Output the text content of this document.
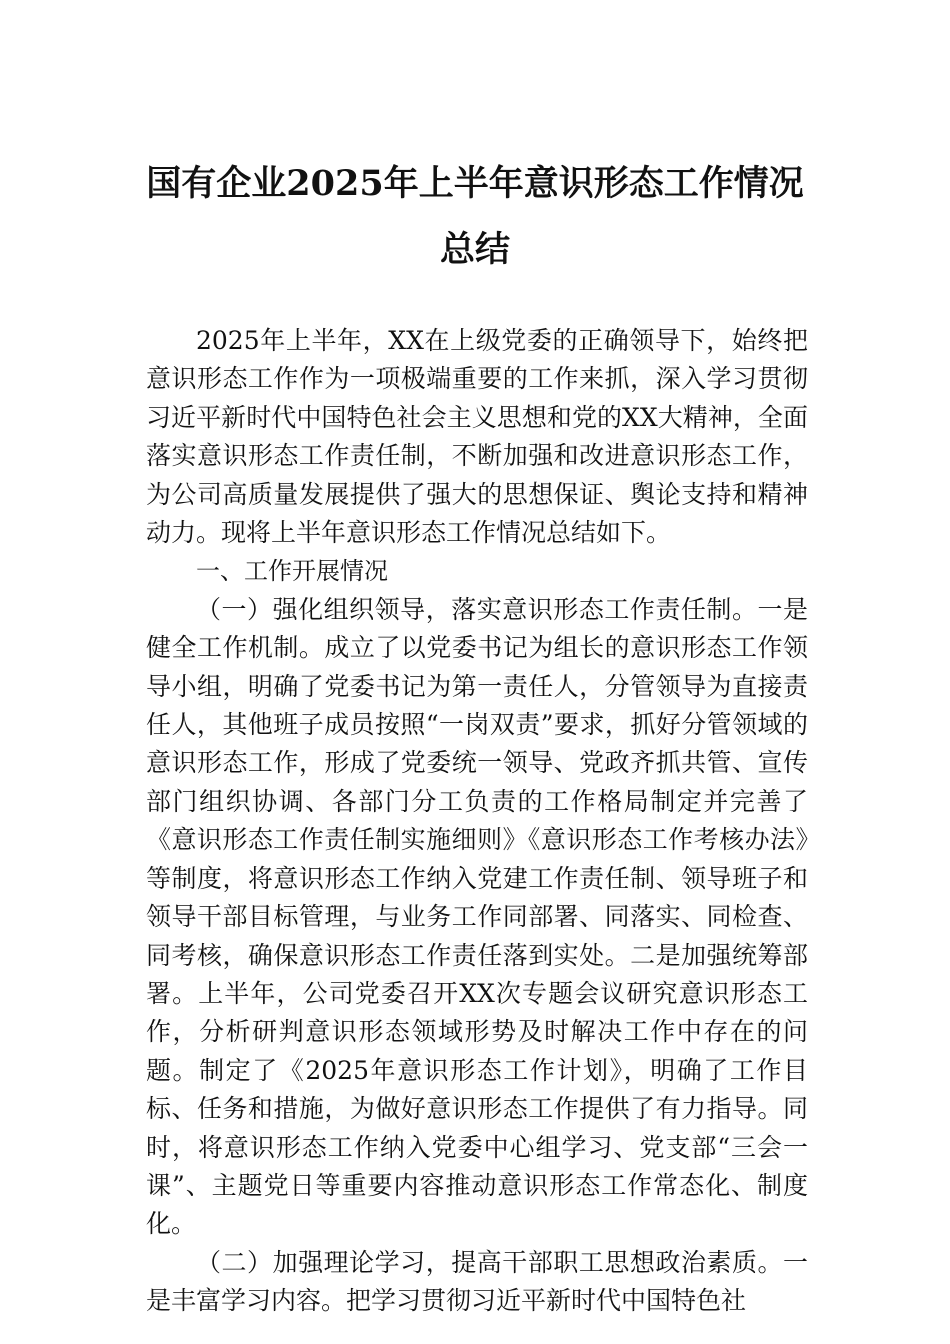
国有企业2025年上半年意识形态工作情况
总结

2025年上半年，XX在上级党委的正确领导下，始终把意识形态工作作为一项极端重要的工作来抓，深入学习贯彻习近平新时代中国特色社会主义思想和党的XX大精神，全面落实意识形态工作责任制，不断加强和改进意识形态工作，为公司高质量发展提供了强大的思想保证、舆论支持和精神动力。现将上半年意识形态工作情况总结如下。

一、工作开展情况

（一）强化组织领导，落实意识形态工作责任制。一是健全工作机制。成立了以党委书记为组长的意识形态工作领导小组，明确了党委书记为第一责任人，分管领导为直接责任人，其他班子成员按照“一岗双责”要求，抓好分管领域的意识形态工作，形成了党委统一领导、党政齐抓共管、宣传部门组织协调、各部门分工负责的工作格局制定并完善了《意识形态工作责任制实施细则》《意识形态工作考核办法》等制度，将意识形态工作纳入党建工作责任制、领导班子和领导干部目标管理，与业务工作同部署、同落实、同检查、同考核，确保意识形态工作责任落到实处。二是加强统筹部署。上半年，公司党委召开XX次专题会议研究意识形态工作，分析研判意识形态领域形势及时解决工作中存在的问题。制定了《2025年意识形态工作计划》，明确了工作目标、任务和措施，为做好意识形态工作提供了有力指导。同时，将意识形态工作纳入党委中心组学习、党支部“三会一课”、主题党日等重要内容推动意识形态工作常态化、制度化。

（二）加强理论学习，提高干部职工思想政治素质。一是丰富学习内容。把学习贯彻习近平新时代中国特色社
